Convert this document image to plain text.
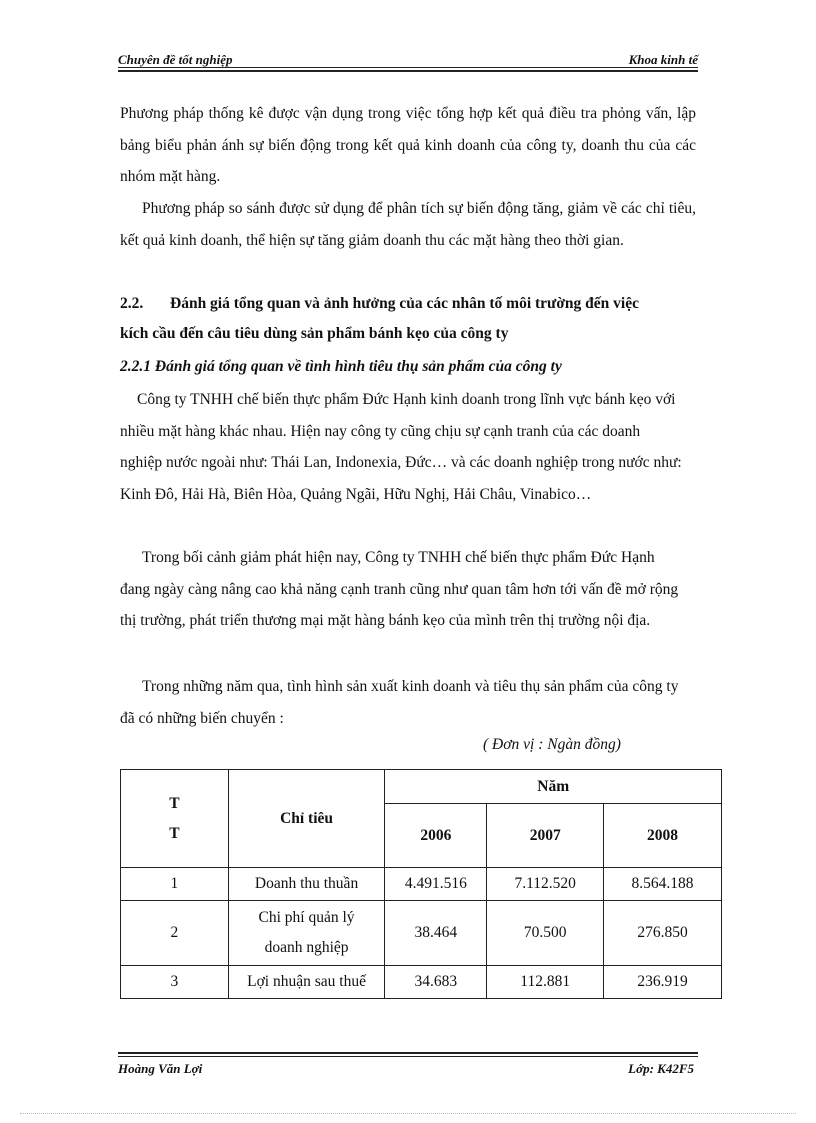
Chuyên đề tốt nghiệp	Khoa kinh tế
Phương pháp thống kê được vận dụng trong việc tổng hợp kết quả điều tra phỏng vấn, lập bảng biểu phản ánh sự biến động trong kết quả kinh doanh của công ty, doanh thu của các nhóm mặt hàng.
Phương pháp so sánh được sử dụng để phân tích sự biến động tăng, giảm về các chỉ tiêu, kết quả kinh doanh, thể hiện sự tăng giảm doanh thu các mặt hàng theo thời gian.
2.2. Đánh giá tổng quan và ảnh hưởng của các nhân tố môi trường đến việc
kích cầu đến câu tiêu dùng sản phẩm bánh kẹo của công ty
2.2.1 Đánh giá tổng quan về tình hình tiêu thụ sản phẩm của công ty
Công ty TNHH chế biến thực phẩm Đức Hạnh kinh doanh trong lĩnh vực bánh kẹo với nhiều mặt hàng khác nhau. Hiện nay công ty cũng chịu sự cạnh tranh của các doanh nghiệp nước ngoài như: Thái Lan, Indonexia, Đức… và các doanh nghiệp trong nước như: Kinh Đô, Hải Hà, Biên Hòa, Quảng Ngãi, Hữu Nghị, Hải Châu, Vinabico…
Trong bối cảnh giảm phát hiện nay, Công ty TNHH chế biến thực phẩm Đức Hạnh đang ngày càng nâng cao khả năng cạnh tranh cũng như quan tâm hơn tới vấn đề mở rộng thị trường, phát triển thương mại mặt hàng bánh kẹo của mình trên thị trường nội địa.
Trong những năm qua, tình hình sản xuất kinh doanh và tiêu thụ sản phẩm của công ty đã có những biến chuyển :
( Đơn vị : Ngàn đồng)
T
T	Chỉ tiêu	Năm		
		2006	2007	2008
1	Doanh thu thuần	4.491.516	7.112.520	8.564.188
2	Chi phí quản lý
doanh nghiệp	38.464	70.500	276.850
3	Lợi nhuận sau thuế	34.683	112.881	236.919
Hoàng Văn Lợi	Lớp: K42F5
